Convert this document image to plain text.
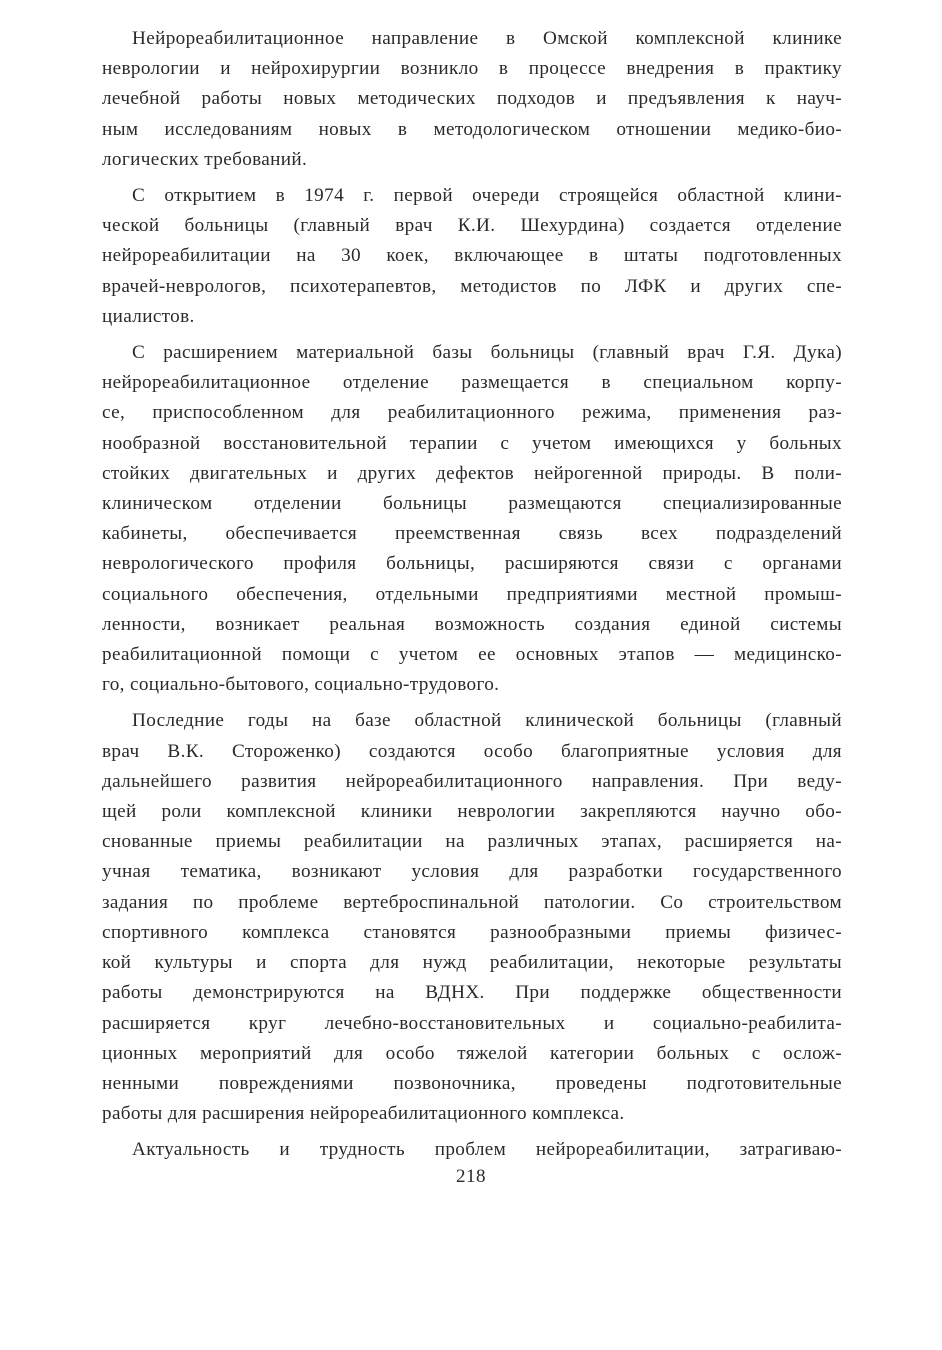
Нейрореабилитационное направление в Омской комплексной клинике
неврологии и нейрохирургии возникло в процессе внедрения в практику
лечебной работы новых методических подходов и предъявления к науч-
ным исследованиям новых в методологическом отношении медико-био-
логических требований.

С открытием в 1974 г. первой очереди строящейся областной клини-
ческой больницы (главный врач К.И. Шехурдина) создается отделение
нейрореабилитации на 30 коек, включающее в штаты подготовленных
врачей-неврологов, психотерапевтов, методистов по ЛФК и других спе-
циалистов.

С расширением материальной базы больницы (главный врач Г.Я. Дука)
нейрореабилитационное отделение размещается в специальном корпу-
се, приспособленном для реабилитационного режима, применения раз-
нообразной восстановительной терапии с учетом имеющихся у больных
стойких двигательных и других дефектов нейрогенной природы. В поли-
клиническом отделении больницы размещаются специализированные
кабинеты, обеспечивается преемственная связь всех подразделений
неврологического профиля больницы, расширяются связи с органами
социального обеспечения, отдельными предприятиями местной промыш-
ленности, возникает реальная возможность создания единой системы
реабилитационной помощи с учетом ее основных этапов — медицинско-
го, социально-бытового, социально-трудового.

Последние годы на базе областной клинической больницы (главный
врач В.К. Стороженко) создаются особо благоприятные условия для
дальнейшего развития нейрореабилитационного направления. При веду-
щей роли комплексной клиники неврологии закрепляются научно обо-
снованные приемы реабилитации на различных этапах, расширяется на-
учная тематика, возникают условия для разработки государственного
задания по проблеме вертеброспинальной патологии. Со строительством
спортивного комплекса становятся разнообразными приемы физичес-
кой культуры и спорта для нужд реабилитации, некоторые результаты
работы демонстрируются на ВДНХ. При поддержке общественности
расширяется круг лечебно-восстановительных и социально-реабилита-
ционных мероприятий для особо тяжелой категории больных с ослож-
ненными повреждениями позвоночника, проведены подготовительные
работы для расширения нейрореабилитационного комплекса.

Актуальность и трудность проблем нейрореабилитации, затрагиваю-

218
